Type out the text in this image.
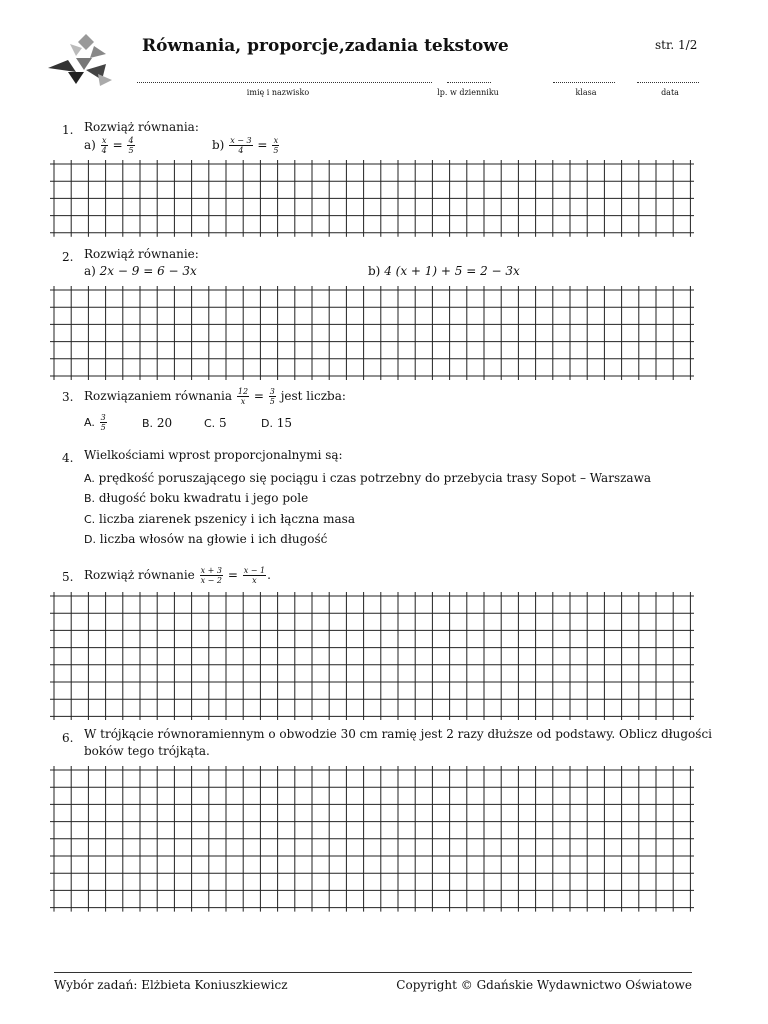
Równania, proporcje,zadania tekstowe	str. 1/2
imię i nazwisko	lp. w dzienniku	klasa	data
1. Rozwiąż równania:
$a) \frac{x}{4} = \frac{4}{5}$	$b) \frac{x - 3}{4} = \frac{x}{5}$
2. Rozwiąż równanie:
a) 2x − 9 = 6 − 3x	b) 4 (x + 1) + 5 = 2 − 3x
3. Rozwiązaniem równania $\frac{12}{x} = \frac{3}{5}$ jest liczba:
A. $\frac{3}{5}$	B. 20	C. 5	D. 15
4. Wielkościami wprost proporcjonalnymi są:
A. prędkość poruszającego się pociągu i czas potrzebny do przebycia trasy Sopot – Warszawa
B. długość boku kwadratu i jego pole
C. liczba ziarenek pszenicy i ich łączna masa
D. liczba włosów na głowie i ich długość
5. Rozwiąż równanie $\frac{x + 3}{x - 2} = \frac{x - 1}{x}$ .
6. W trójkącie równoramiennym o obwodzie 30 cm ramię jest 2 razy dłuższe od podstawy. Oblicz długości
boków tego trójkąta.
Wybór zadań: Elżbieta Koniuszkiewicz	Copyright © Gdańskie Wydawnictwo Oświatowe
